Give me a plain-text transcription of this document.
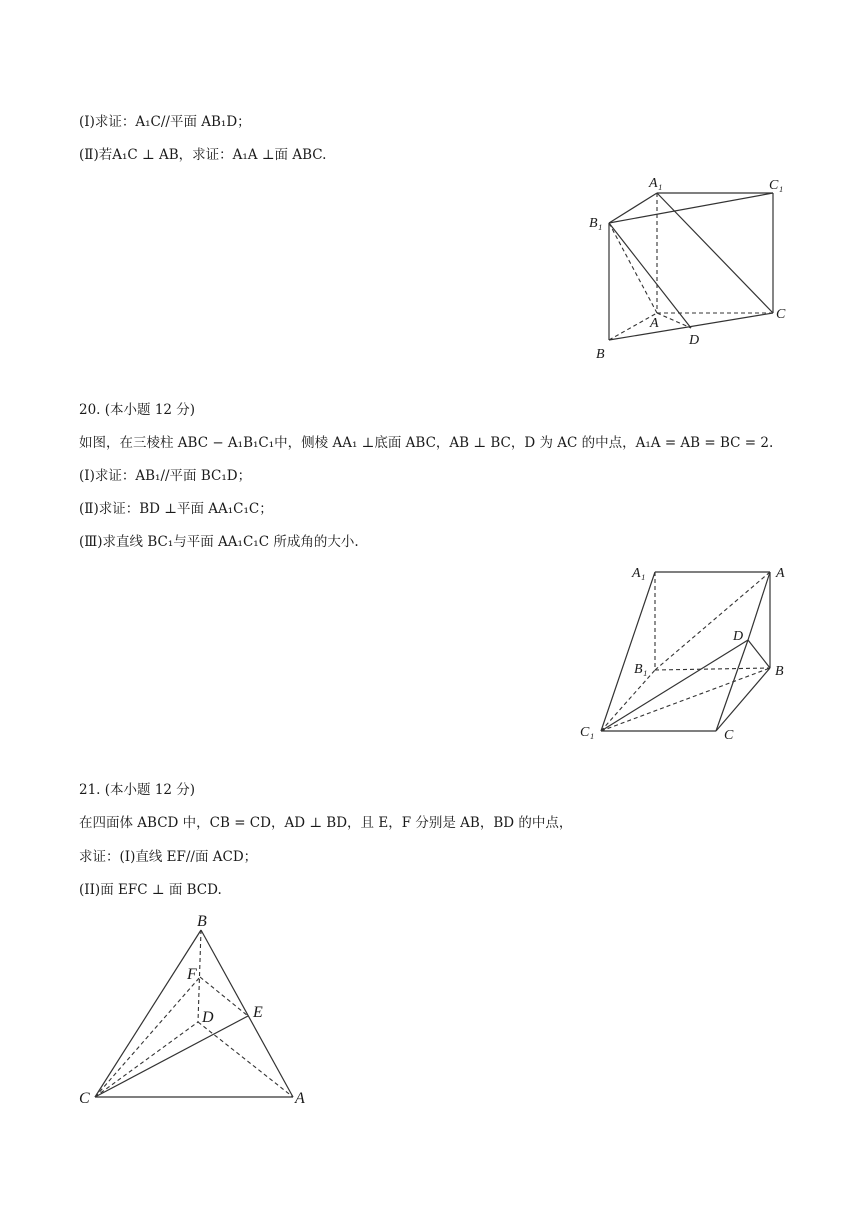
(Ⅰ)求证：A₁C//平面 AB₁D；
(Ⅱ)若A₁C ⊥ AB，求证：A₁A ⊥面 ABC.
A₁	C₁
B₁
A
C
B
D
20. (本小题 12 分)
如图，在三棱柱 ABC − A₁B₁C₁中，侧棱 AA₁ ⊥底面 ABC，AB ⊥ BC，D 为 AC 的中点，A₁A = AB = BC = 2.
(Ⅰ)求证：AB₁//平面 BC₁D；
(Ⅱ)求证：BD ⊥平面 AA₁C₁C；
(Ⅲ)求直线 BC₁与平面 AA₁C₁C 所成角的大小.
A₁	A
D
B₁	B
C₁	C
21. (本小题 12 分)
在四面体 ABCD 中，CB = CD，AD ⊥ BD，且 E，F 分别是 AB，BD 的中点，
求证：(I)直线 EF//面 ACD；
(II)面 EFC ⊥ 面 BCD.
B
F
D E
C	A
